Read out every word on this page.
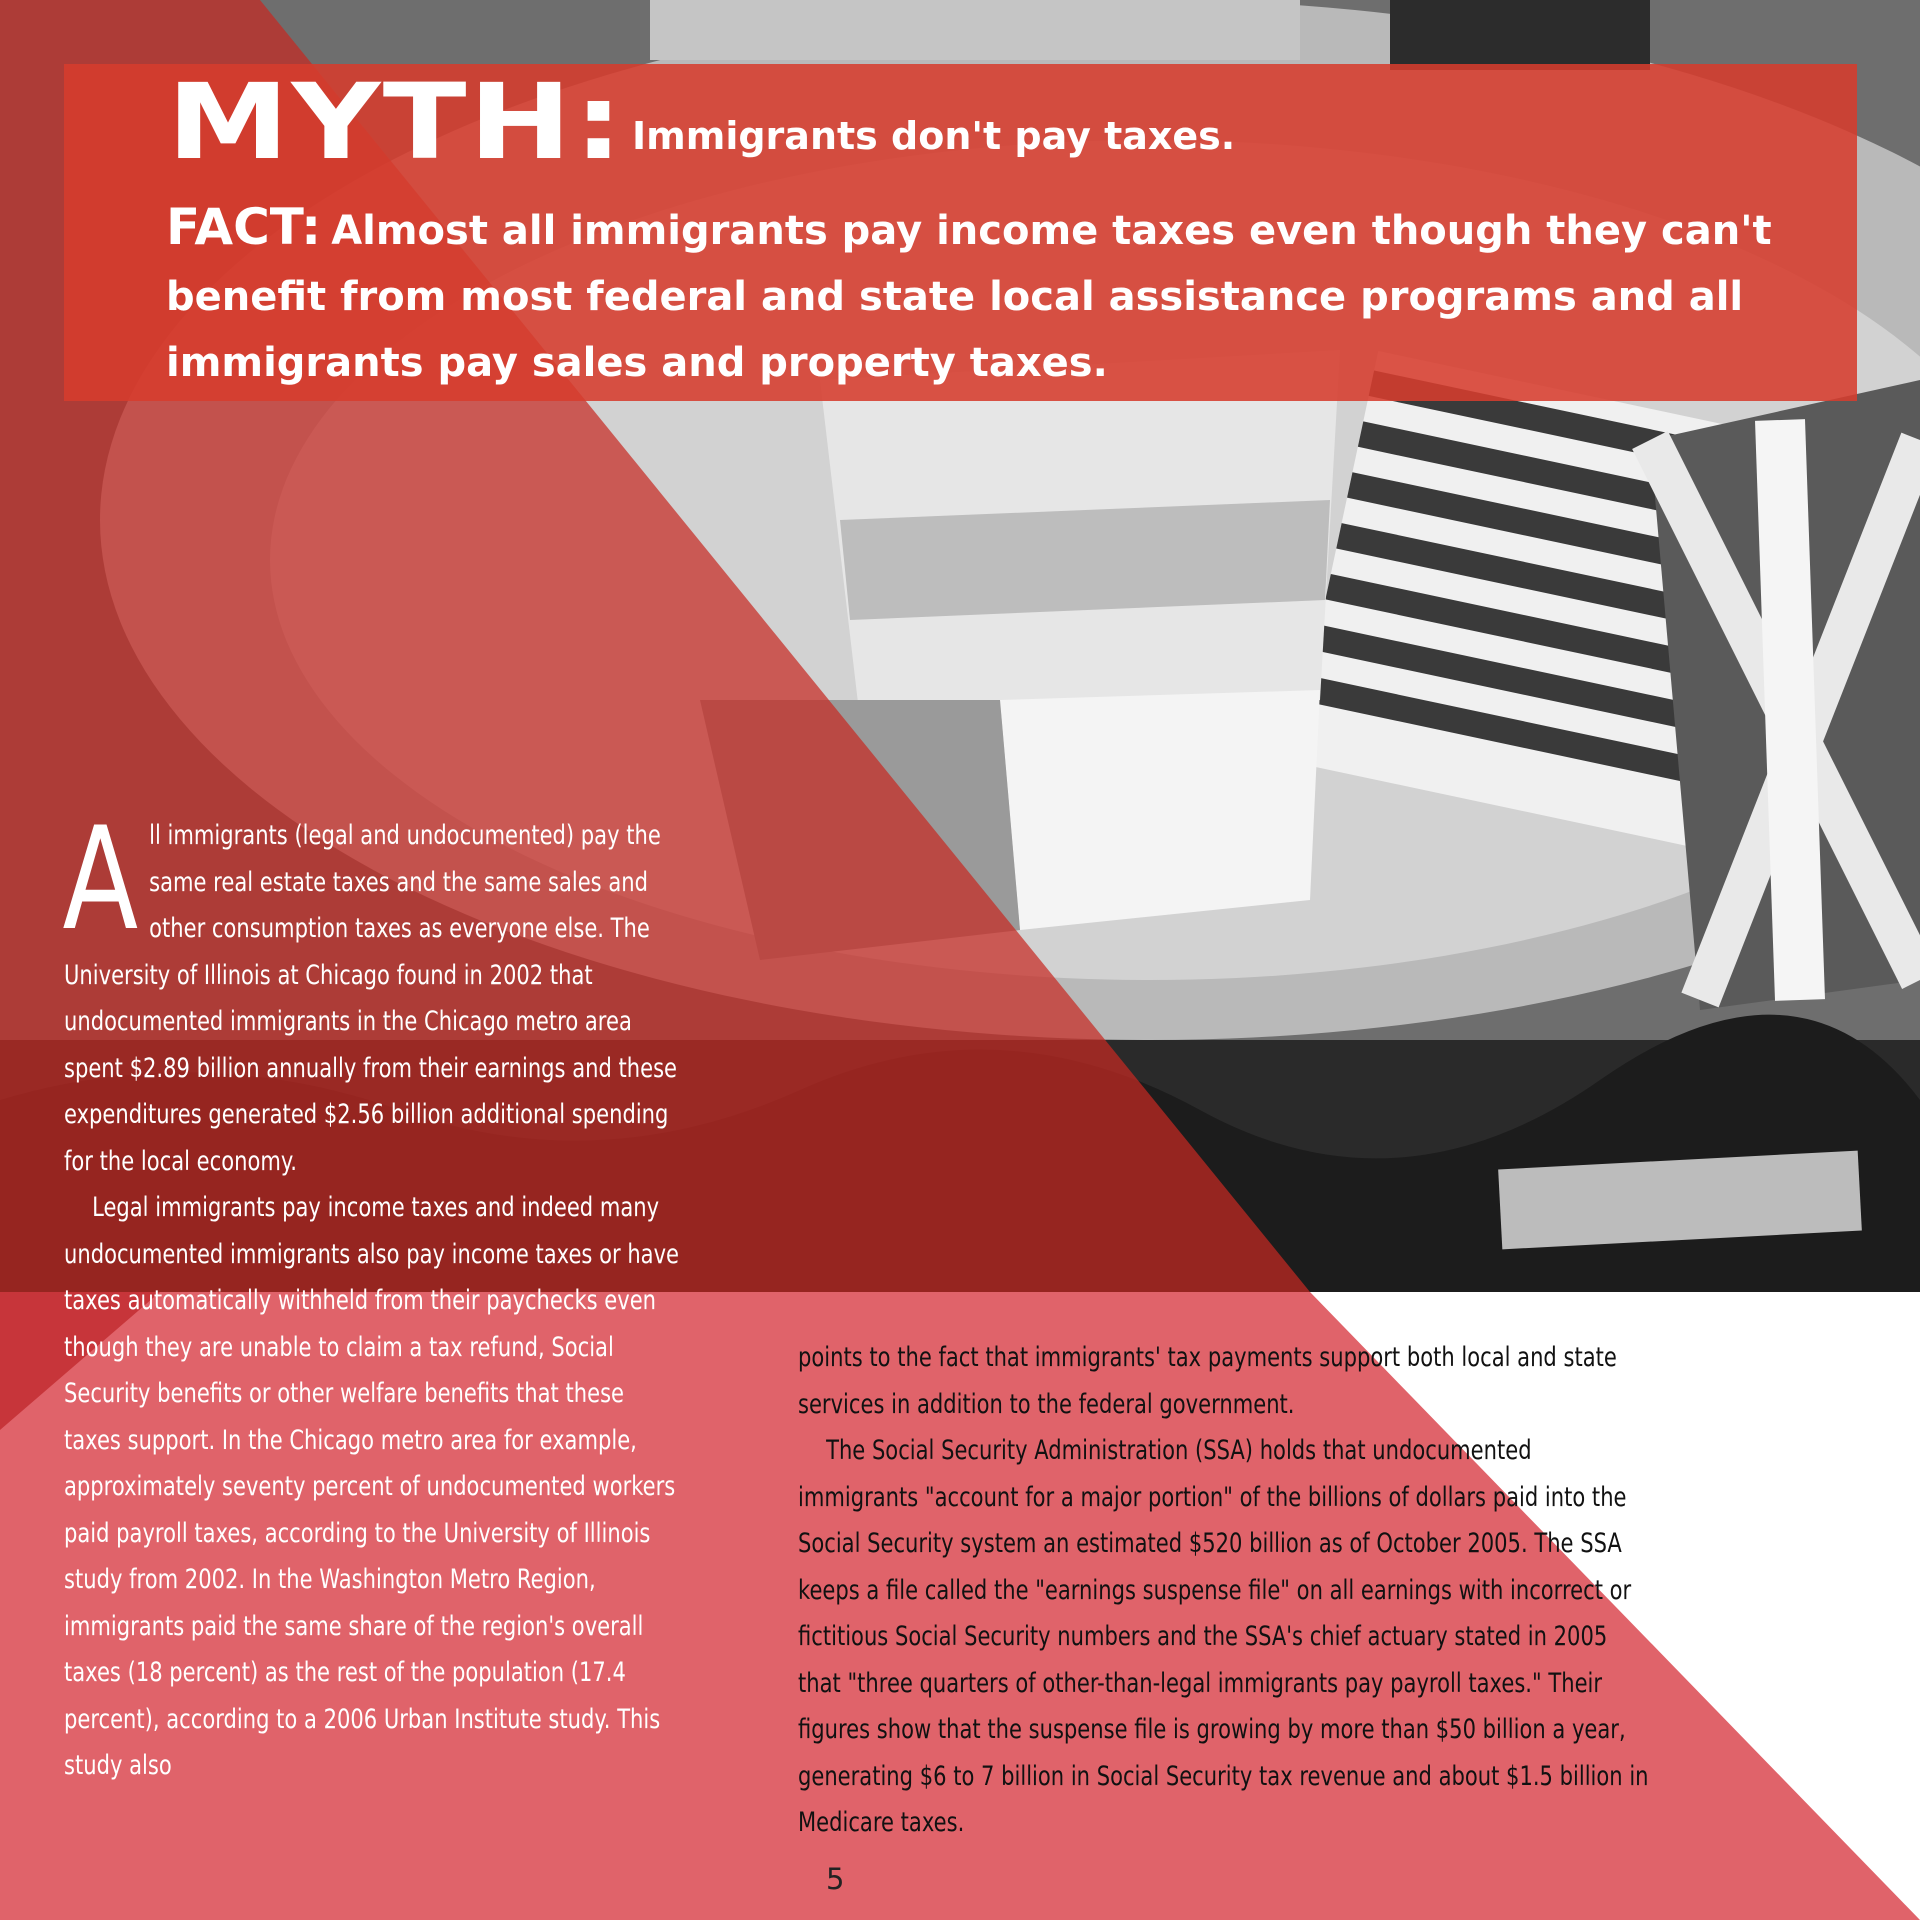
MYTH: Immigrants don't pay taxes.
FACT: Almost all immigrants pay income taxes even though they can't benefit from most federal and state local assistance programs and all immigrants pay sales and property taxes.
A ll immigrants (legal and undocumented) pay the same real estate taxes and the same sales and other consumption taxes as everyone else. The University of Illinois at Chicago found in 2002 that undocumented immigrants in the Chicago metro area spent $2.89 billion annually from their earnings and these expenditures generated $2.56 billion additional spending for the local economy.

Legal immigrants pay income taxes and indeed many undocumented immigrants also pay income taxes or have taxes automatically withheld from their paychecks even though they are unable to claim a tax refund, Social Security benefits or other welfare benefits that these taxes support. In the Chicago metro area for example, approximately seventy percent of undocumented workers paid payroll taxes, according to the University of Illinois study from 2002. In the Washington Metro Region, immigrants paid the same share of the region's overall taxes (18 percent) as the rest of the population (17.4 percent), according to a 2006 Urban Institute study. This study also

points to the fact that immigrants' tax payments support both local and state services in addition to the federal government.

The Social Security Administration (SSA) holds that undocumented immigrants "account for a major portion" of the billions of dollars paid into the Social Security system an estimated $520 billion as of October 2005. The SSA keeps a file called the "earnings suspense file" on all earnings with incorrect or fictitious Social Security numbers and the SSA's chief actuary stated in 2005 that "three quarters of other-than-legal immigrants pay payroll taxes." Their figures show that the suspense file is growing by more than $50 billion a year, generating $6 to 7 billion in Social Security tax revenue and about $1.5 billion in Medicare taxes.

5
